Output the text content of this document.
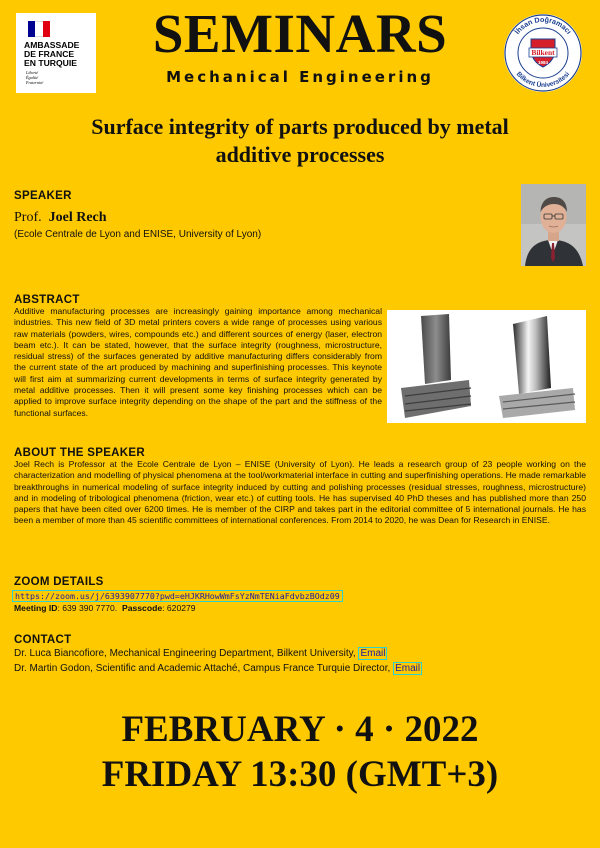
AMBASSADE
DE FRANCE
EN TURQUIE
Liberté
Égalité
Fraternité
SEMINARS
Mechanical Engineering
İhsan Doğramacı
Bilkent Üniversitesi
Bilkent
1984
Surface integrity of parts produced by metal
additive processes
SPEAKER
Prof. Joel Rech
(Ecole Centrale de Lyon and ENISE, University of Lyon)
ABSTRACT
Additive manufacturing processes are increasingly gaining importance among mechanical industries. This new field of 3D metal printers covers a wide range of processes using various raw materials (powders, wires, compounds etc.) and different sources of energy (laser, electron beam etc.). It can be stated, however, that the surface integrity (roughness, microstructure, residual stress) of the surfaces generated by additive manufacturing differs considerably from the current state of the art produced by machining and superfinishing processes. This keynote will first aim at summarizing current developments in terms of surface integrity generated by metal additive processes. Then it will present some key finishing processes which can be applied to improve surface integrity depending on the shape of the part and the stiffness of the functional surfaces.
ABOUT THE SPEAKER
Joel Rech is Professor at the Ecole Centrale de Lyon – ENISE (University of Lyon). He leads a research group of 23 people working on the characterization and modelling of physical phenomena at the tool/workmaterial interface in cutting and superfinishing operations. He made remarkable breakthroughs in numerical modeling of surface integrity induced by cutting and polishing processes (residual stresses, roughness, microstructure) and in modeling of tribological phenomena (friction, wear etc.) of cutting tools. He has supervised 40 PhD theses and has published more than 250 papers that have been cited over 6200 times. He is member of the CIRP and takes part in the editorial committee of 5 international journals. He has been a member of more than 45 scientific committees of international conferences. From 2014 to 2020, he was Dean for Research in ENISE.
ZOOM DETAILS
https://zoom.us/j/6393907770?pwd=eHJKRHowWmFsYzNmTENiaFdvbzBOdz09
Meeting ID: 639 390 7770. Passcode: 620279
CONTACT
Dr. Luca Biancofiore, Mechanical Engineering Department, Bilkent University, Email
Dr. Martin Godon, Scientific and Academic Attaché, Campus France Turquie Director, Email
FEBRUARY · 4 · 2022
FRIDAY 13:30 (GMT+3)
